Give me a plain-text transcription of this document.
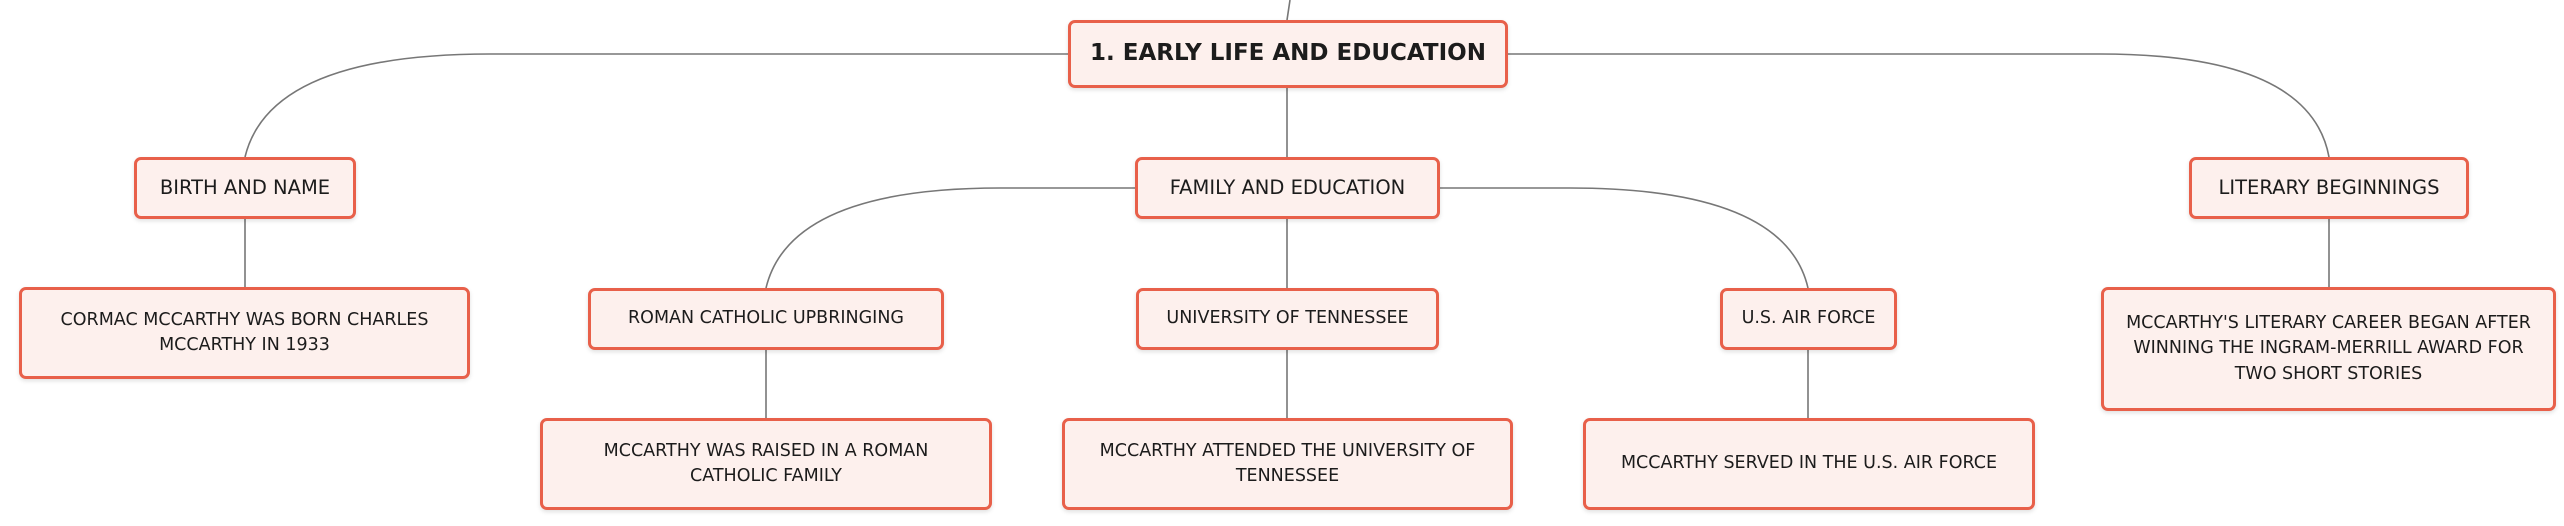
1. EARLY LIFE AND EDUCATION
BIRTH AND NAME
CORMAC MCCARTHY WAS BORN CHARLES MCCARTHY IN 1933
FAMILY AND EDUCATION
ROMAN CATHOLIC UPBRINGING
MCCARTHY WAS RAISED IN A ROMAN CATHOLIC FAMILY
UNIVERSITY OF TENNESSEE
MCCARTHY ATTENDED THE UNIVERSITY OF TENNESSEE
U.S. AIR FORCE
MCCARTHY SERVED IN THE U.S. AIR FORCE
LITERARY BEGINNINGS
MCCARTHY'S LITERARY CAREER BEGAN AFTER WINNING THE INGRAM-MERRILL AWARD FOR TWO SHORT STORIES
